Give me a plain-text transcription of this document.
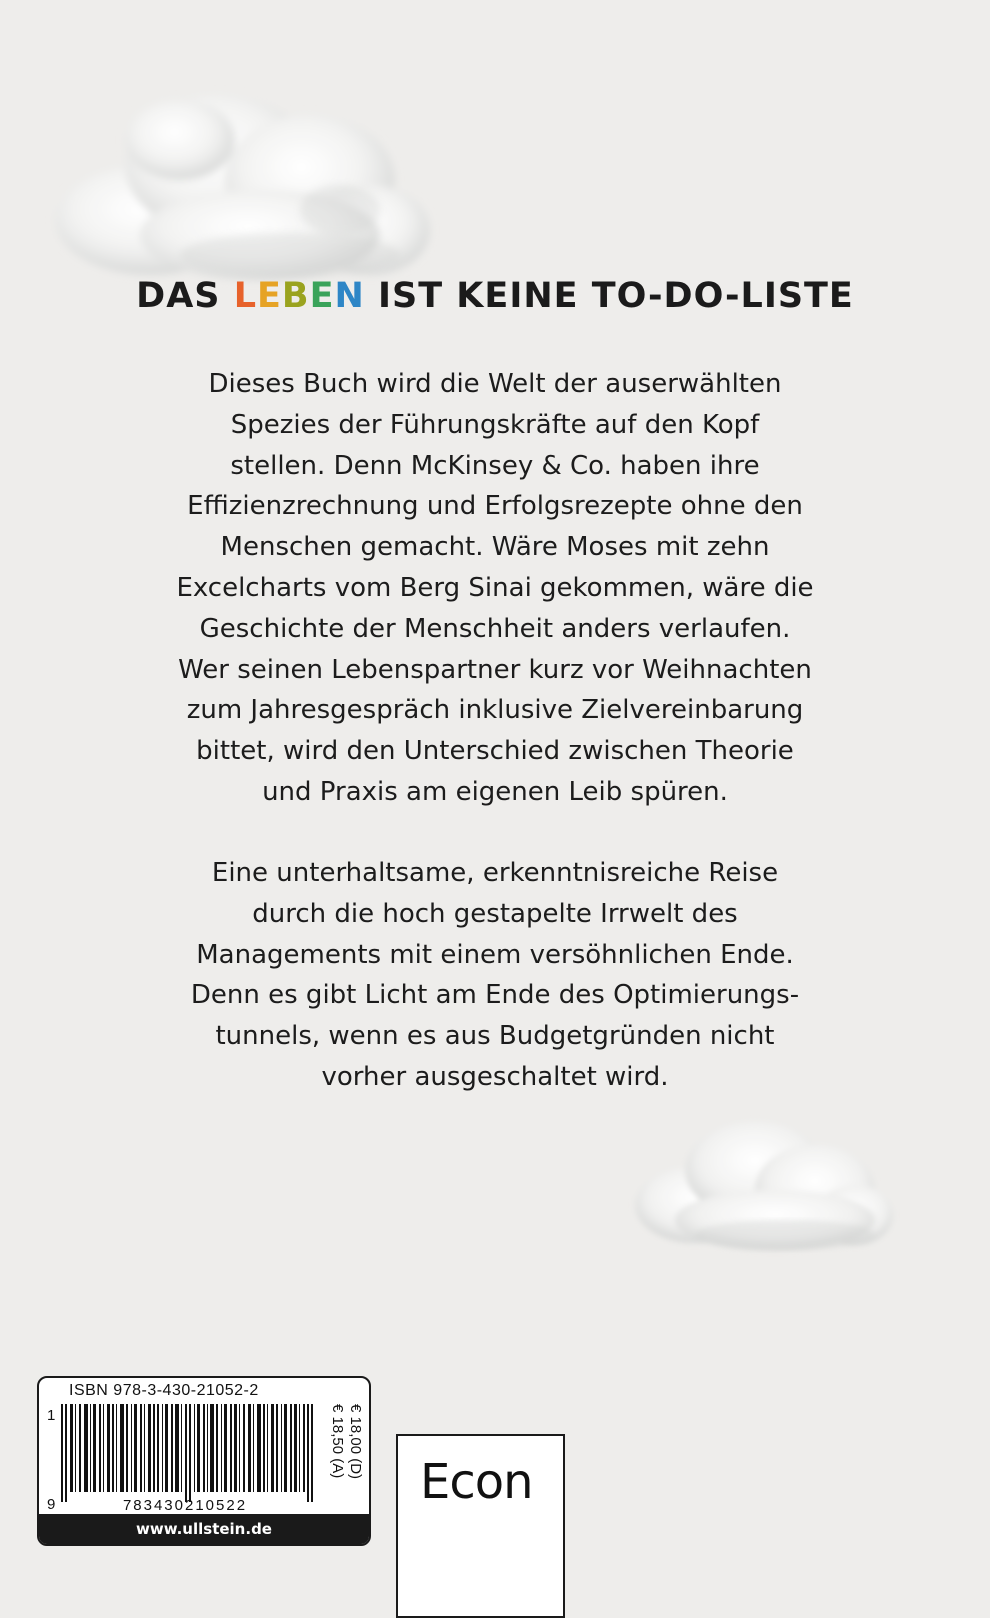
DAS LEBEN IST KEINE TO-DO-LISTE
Dieses Buch wird die Welt der auserwählten
Spezies der Führungskräfte auf den Kopf
stellen. Denn McKinsey & Co. haben ihre
Effizienzrechnung und Erfolgsrezepte ohne den
Menschen gemacht. Wäre Moses mit zehn
Excelcharts vom Berg Sinai gekommen, wäre die
Geschichte der Menschheit anders verlaufen.
Wer seinen Lebenspartner kurz vor Weihnachten
zum Jahresgespräch inklusive Zielvereinbarung
bittet, wird den Unterschied zwischen Theorie
und Praxis am eigenen Leib spüren.
Eine unterhaltsame, erkenntnisreiche Reise
durch die hoch gestapelte Irrwelt des
Managements mit einem versöhnlichen Ende.
Denn es gibt Licht am Ende des Optimierungs-
tunnels, wenn es aus Budgetgründen nicht
vorher ausgeschaltet wird.
ISBN 978-3-430-21052-2
1
9	783430210522
€ 18,00 (D)
€ 18,50 (A)
www.ullstein.de
Econ
